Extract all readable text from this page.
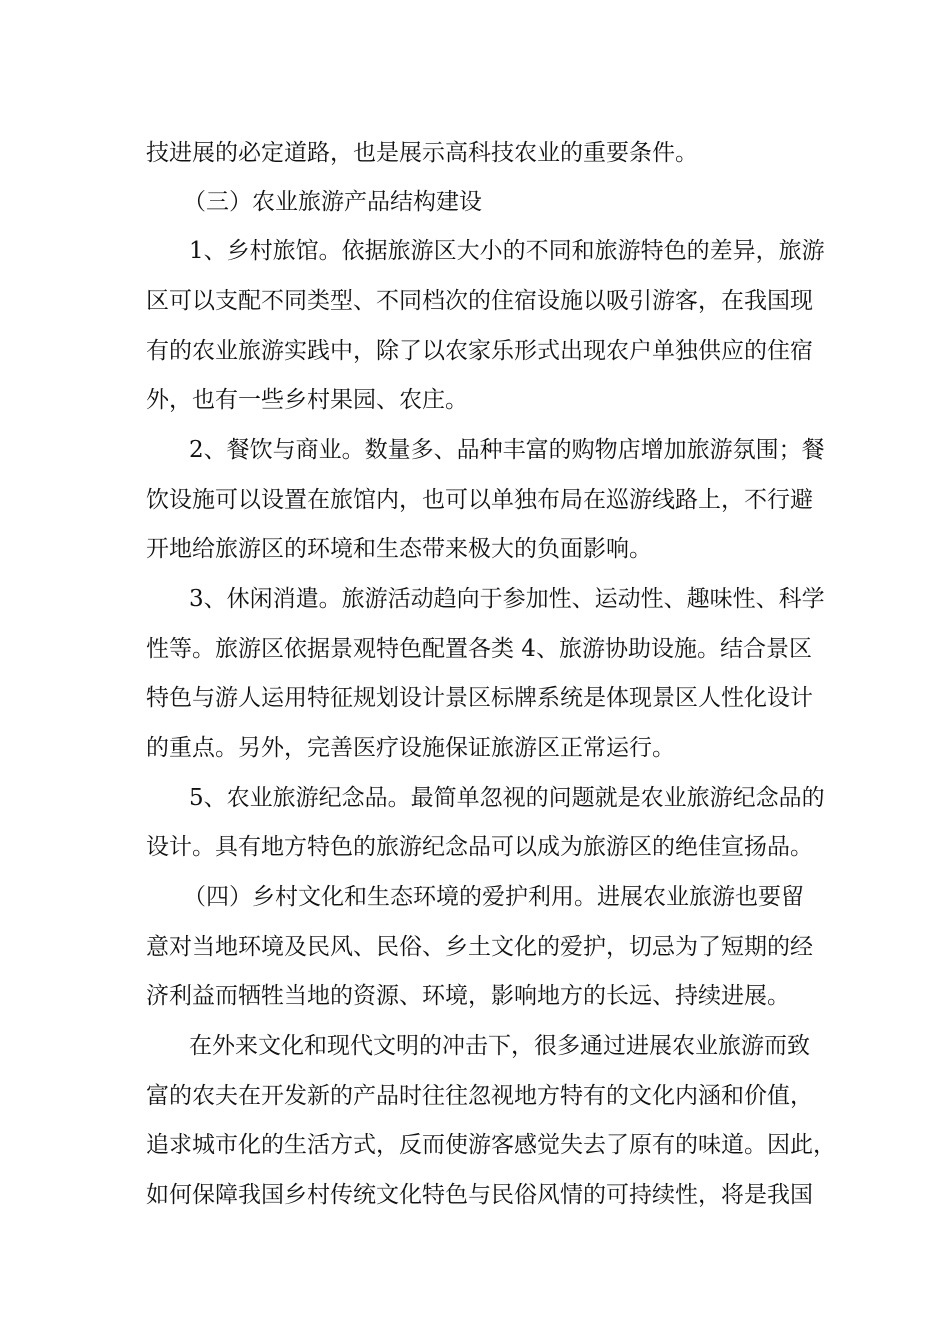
技进展的必定道路，也是展示高科技农业的重要条件。
（三）农业旅游产品结构建设
1、乡村旅馆。依据旅游区大小的不同和旅游特色的差异，旅游
区可以支配不同类型、不同档次的住宿设施以吸引游客，在我国现
有的农业旅游实践中，除了以农家乐形式出现农户单独供应的住宿
外，也有一些乡村果园、农庄。
2、餐饮与商业。数量多、品种丰富的购物店增加旅游氛围；餐
饮设施可以设置在旅馆内，也可以单独布局在巡游线路上，不行避
开地给旅游区的环境和生态带来极大的负面影响。
3、休闲消遣。旅游活动趋向于参加性、运动性、趣味性、科学
性等。旅游区依据景观特色配置各类 4、旅游协助设施。结合景区
特色与游人运用特征规划设计景区标牌系统是体现景区人性化设计
的重点。另外，完善医疗设施保证旅游区正常运行。
5、农业旅游纪念品。最简单忽视的问题就是农业旅游纪念品的
设计。具有地方特色的旅游纪念品可以成为旅游区的绝佳宣扬品。
（四）乡村文化和生态环境的爱护利用。进展农业旅游也要留
意对当地环境及民风、民俗、乡土文化的爱护，切忌为了短期的经
济利益而牺牲当地的资源、环境，影响地方的长远、持续进展。
在外来文化和现代文明的冲击下，很多通过进展农业旅游而致
富的农夫在开发新的产品时往往忽视地方特有的文化内涵和价值，
追求城市化的生活方式，反而使游客感觉失去了原有的味道。因此，
如何保障我国乡村传统文化特色与民俗风情的可持续性，将是我国
